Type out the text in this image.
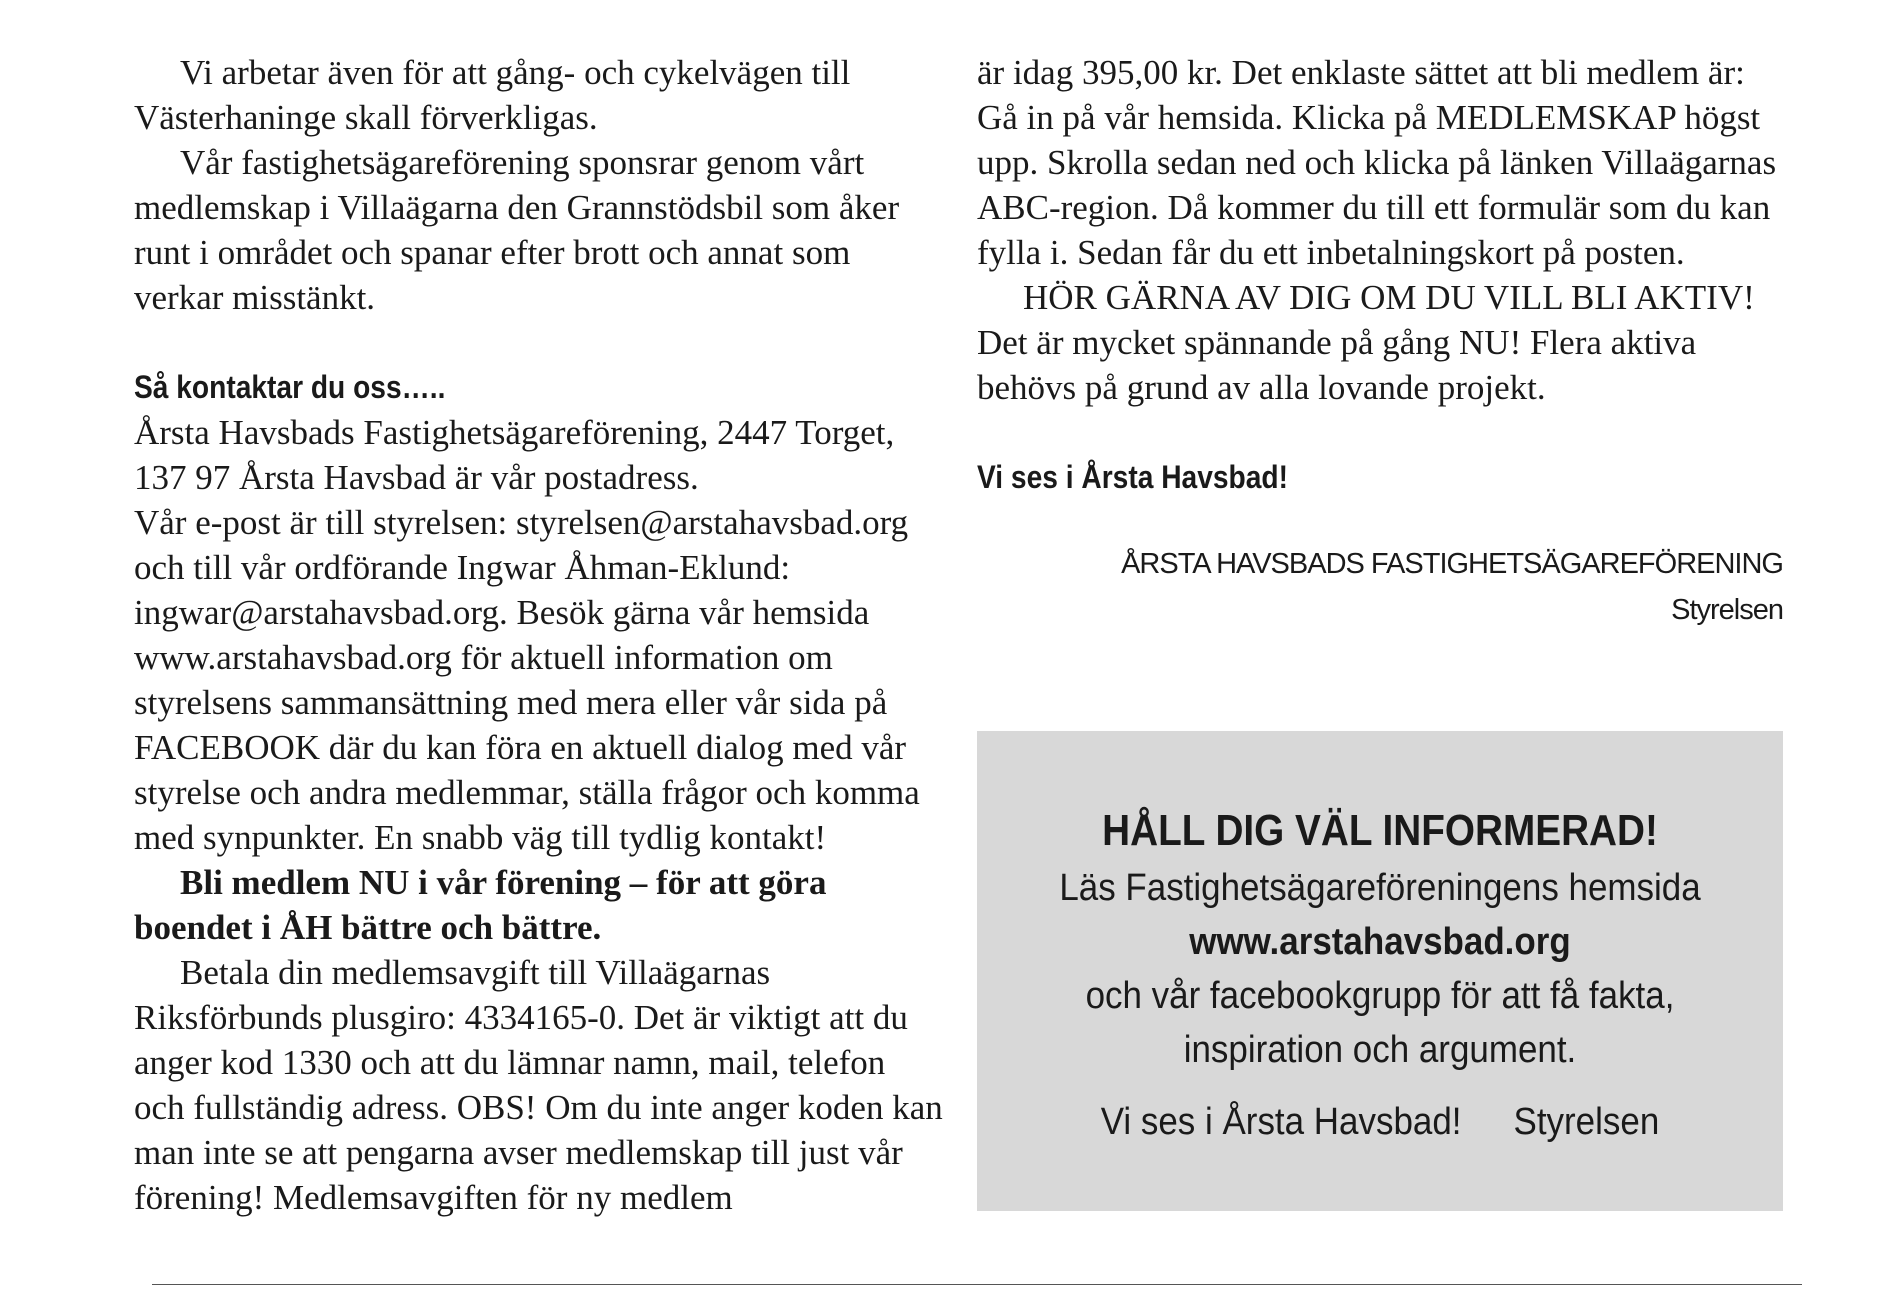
Vi arbetar även för att gång- och cykelvägen till Västerhaninge skall förverkligas.

Vår fastighetsägareförening sponsrar genom vårt medlemskap i Villaägarna den Grannstödsbil som åker runt i området och spanar efter brott och annat som verkar misstänkt.

Så kontaktar du oss…..

Årsta Havsbads Fastighetsägareförening, 2447 Torget,

137 97 Årsta Havsbad är vår postadress.

Vår e-post är till styrelsen: styrelsen@arstahavsbad.org och till vår ordförande Ingwar Åhman-Eklund: ingwar@arstahavsbad.org. Besök gärna vår hemsida www.arstahavsbad.org för aktuell information om styrelsens sammansättning med mera eller vår sida på FACEBOOK där du kan föra en aktuell dialog med vår styrelse och andra medlemmar, ställa frågor och komma med synpunkter. En snabb väg till tydlig kontakt!

Bli medlem NU i vår förening – för att göra boendet i ÅH bättre och bättre.

Betala din medlemsavgift till Villaägarnas Riksförbunds plusgiro: 4334165-0. Det är viktigt att du anger kod 1330 och att du lämnar namn, mail, telefon och fullständig adress. OBS! Om du inte anger koden kan man inte se att pengarna avser medlemskap till just vår förening! Medlemsavgiften för ny medlem

är idag 395,00 kr. Det enklaste sättet att bli medlem är: Gå in på vår hemsida. Klicka på MEDLEMSKAP högst upp. Skrolla sedan ned och klicka på länken Villaägarnas ABC-region. Då kommer du till ett formulär som du kan fylla i. Sedan får du ett inbetalningskort på posten.

HÖR GÄRNA AV DIG OM DU VILL BLI AKTIV! Det är mycket spännande på gång NU! Flera aktiva behövs på grund av alla lovande projekt.

Vi ses i Årsta Havsbad!

ÅRSTA HAVSBADS FASTIGHETSÄGAREFÖRENING

Styrelsen

HÅLL DIG VÄL INFORMERAD!
Läs Fastighetsägareföreningens hemsida
www.arstahavsbad.org
och vår facebookgrupp för att få fakta,
inspiration och argument.
Vi ses i Årsta Havsbad! Styrelsen
